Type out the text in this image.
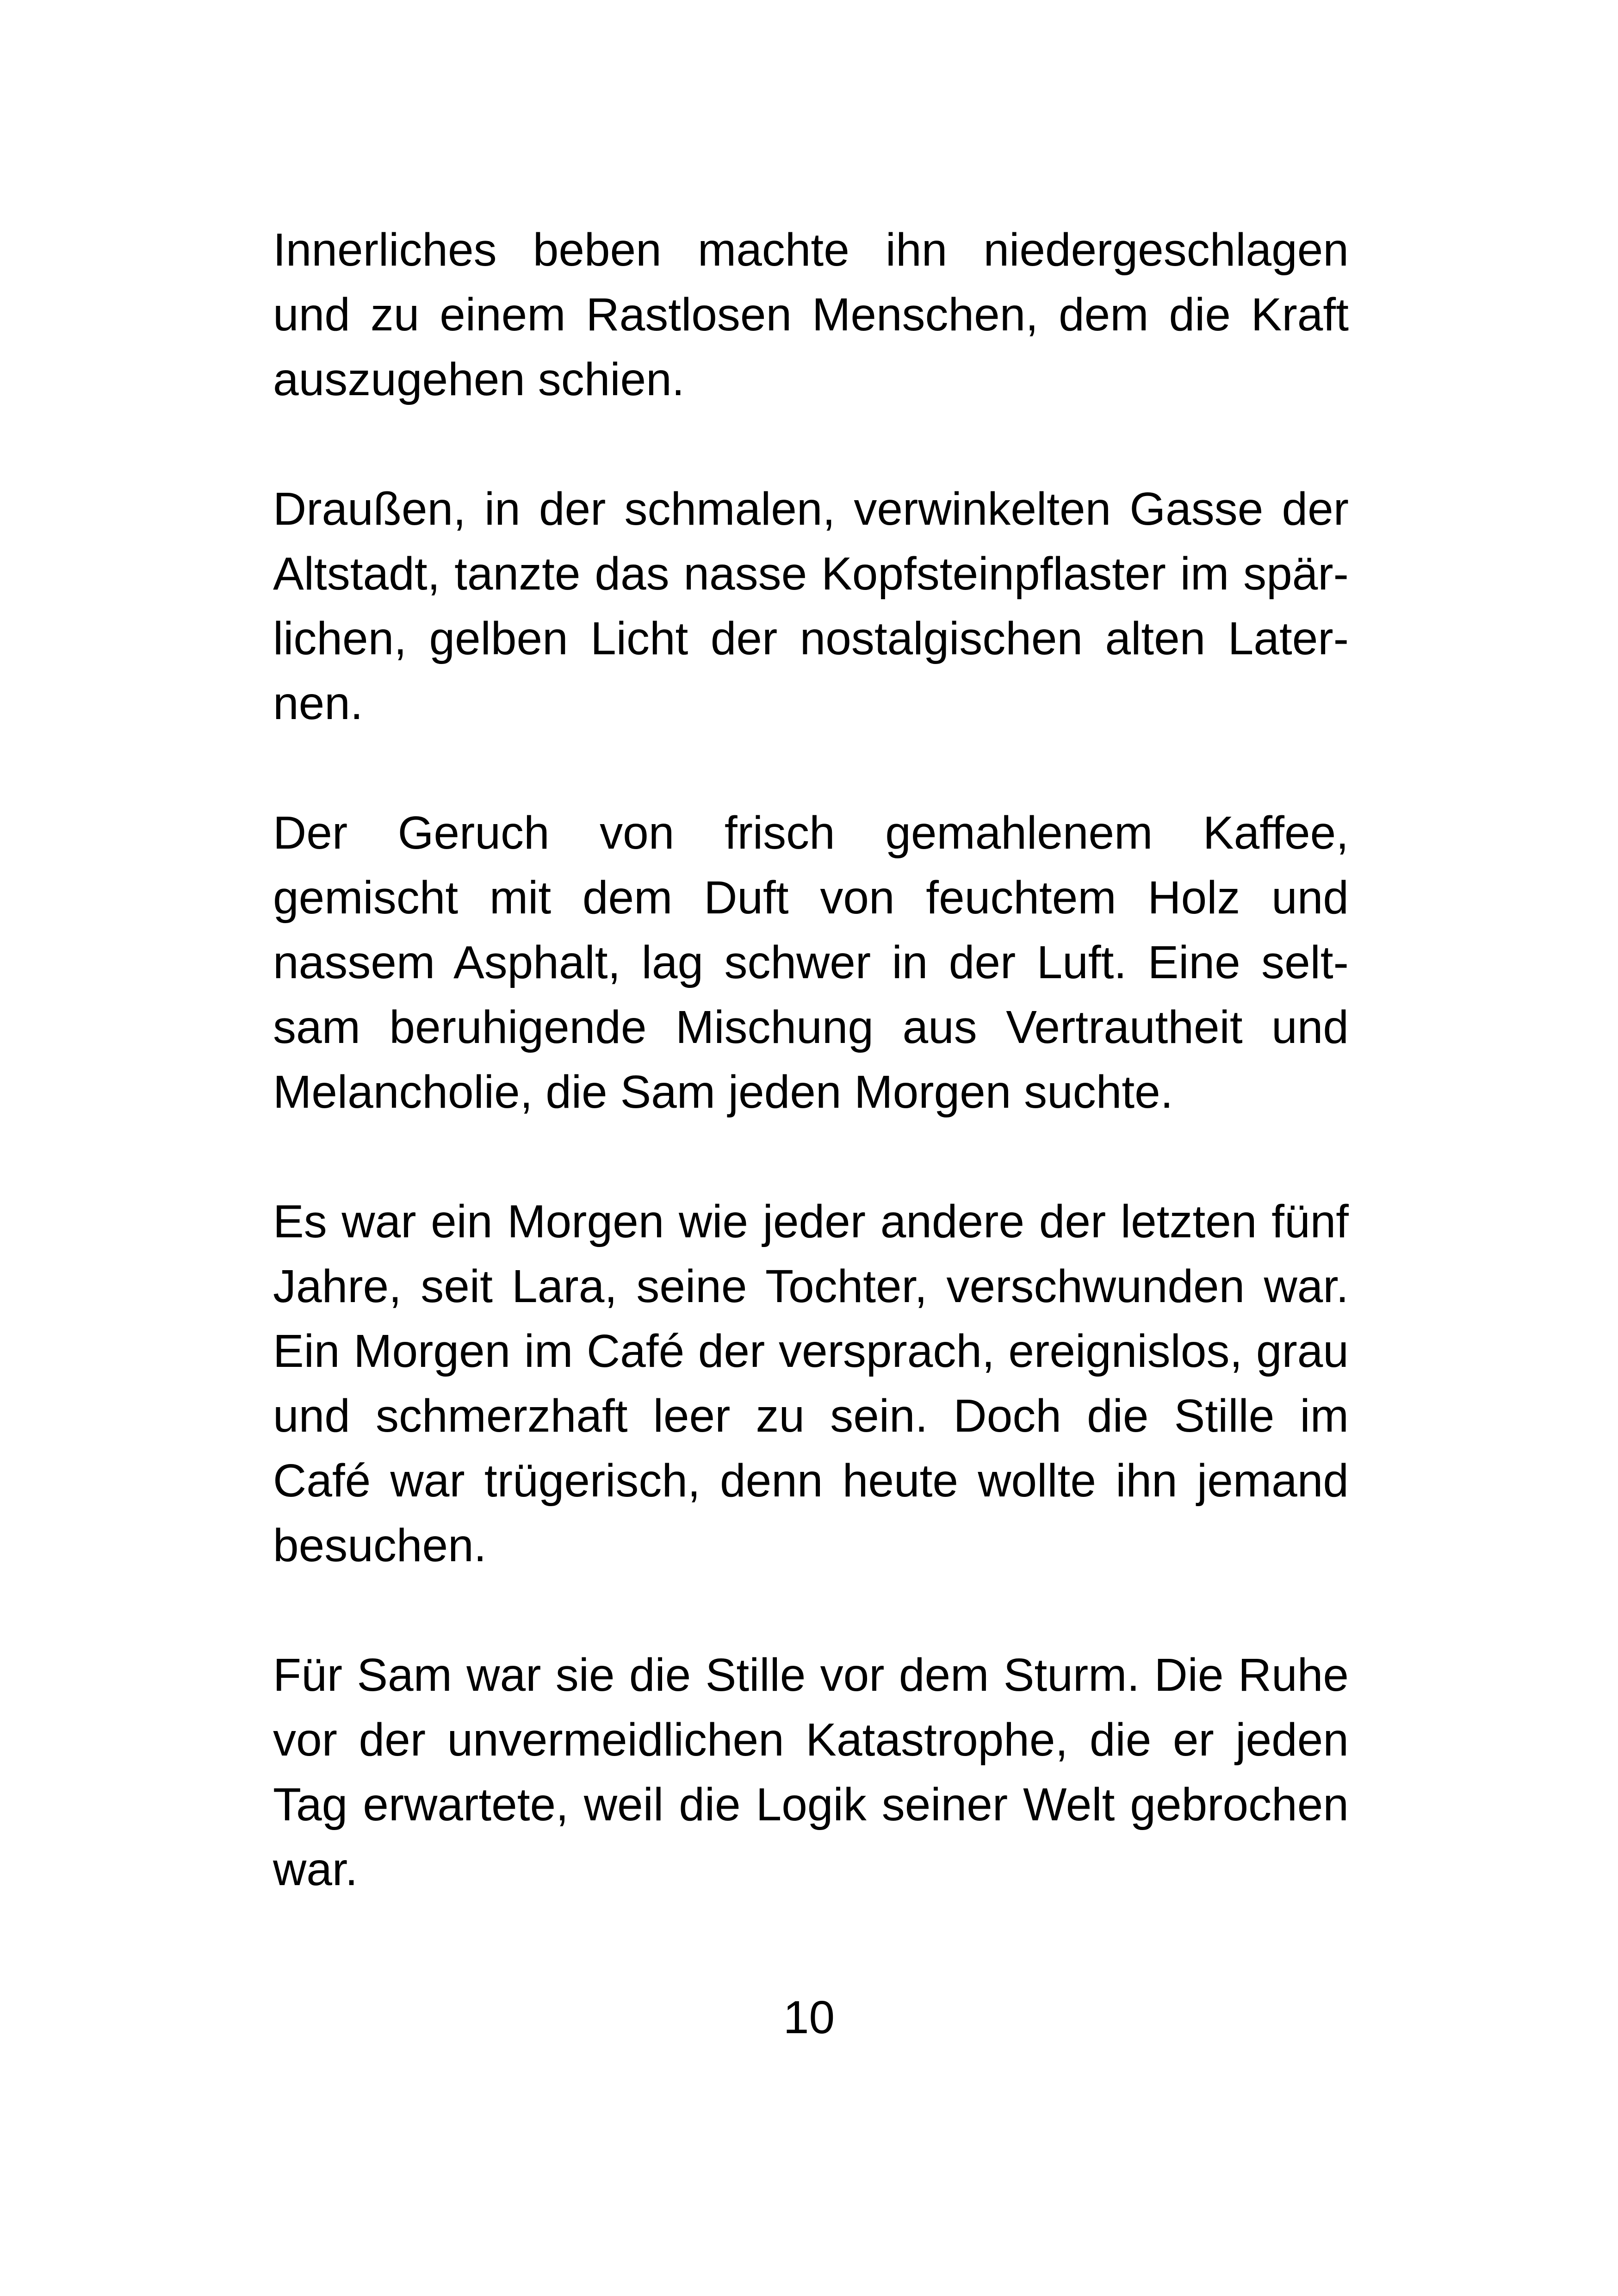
Innerliches beben machte ihn niedergeschlagen
und zu einem Rastlosen Menschen, dem die Kraft
auszugehen schien.
Draußen, in der schmalen, verwinkelten Gasse der
Altstadt, tanzte das nasse Kopfsteinpflaster im spär-
lichen, gelben Licht der nostalgischen alten Later-
nen.
Der Geruch von frisch gemahlenem Kaffee,
gemischt mit dem Duft von feuchtem Holz und
nassem Asphalt, lag schwer in der Luft. Eine selt-
sam beruhigende Mischung aus Vertrautheit und
Melancholie, die Sam jeden Morgen suchte.
Es war ein Morgen wie jeder andere der letzten fünf
Jahre, seit Lara, seine Tochter, verschwunden war.
Ein Morgen im Café der versprach, ereignislos, grau
und schmerzhaft leer zu sein. Doch die Stille im
Café war trügerisch, denn heute wollte ihn jemand
besuchen.
Für Sam war sie die Stille vor dem Sturm. Die Ruhe
vor der unvermeidlichen Katastrophe, die er jeden
Tag erwartete, weil die Logik seiner Welt gebrochen
war.
10
